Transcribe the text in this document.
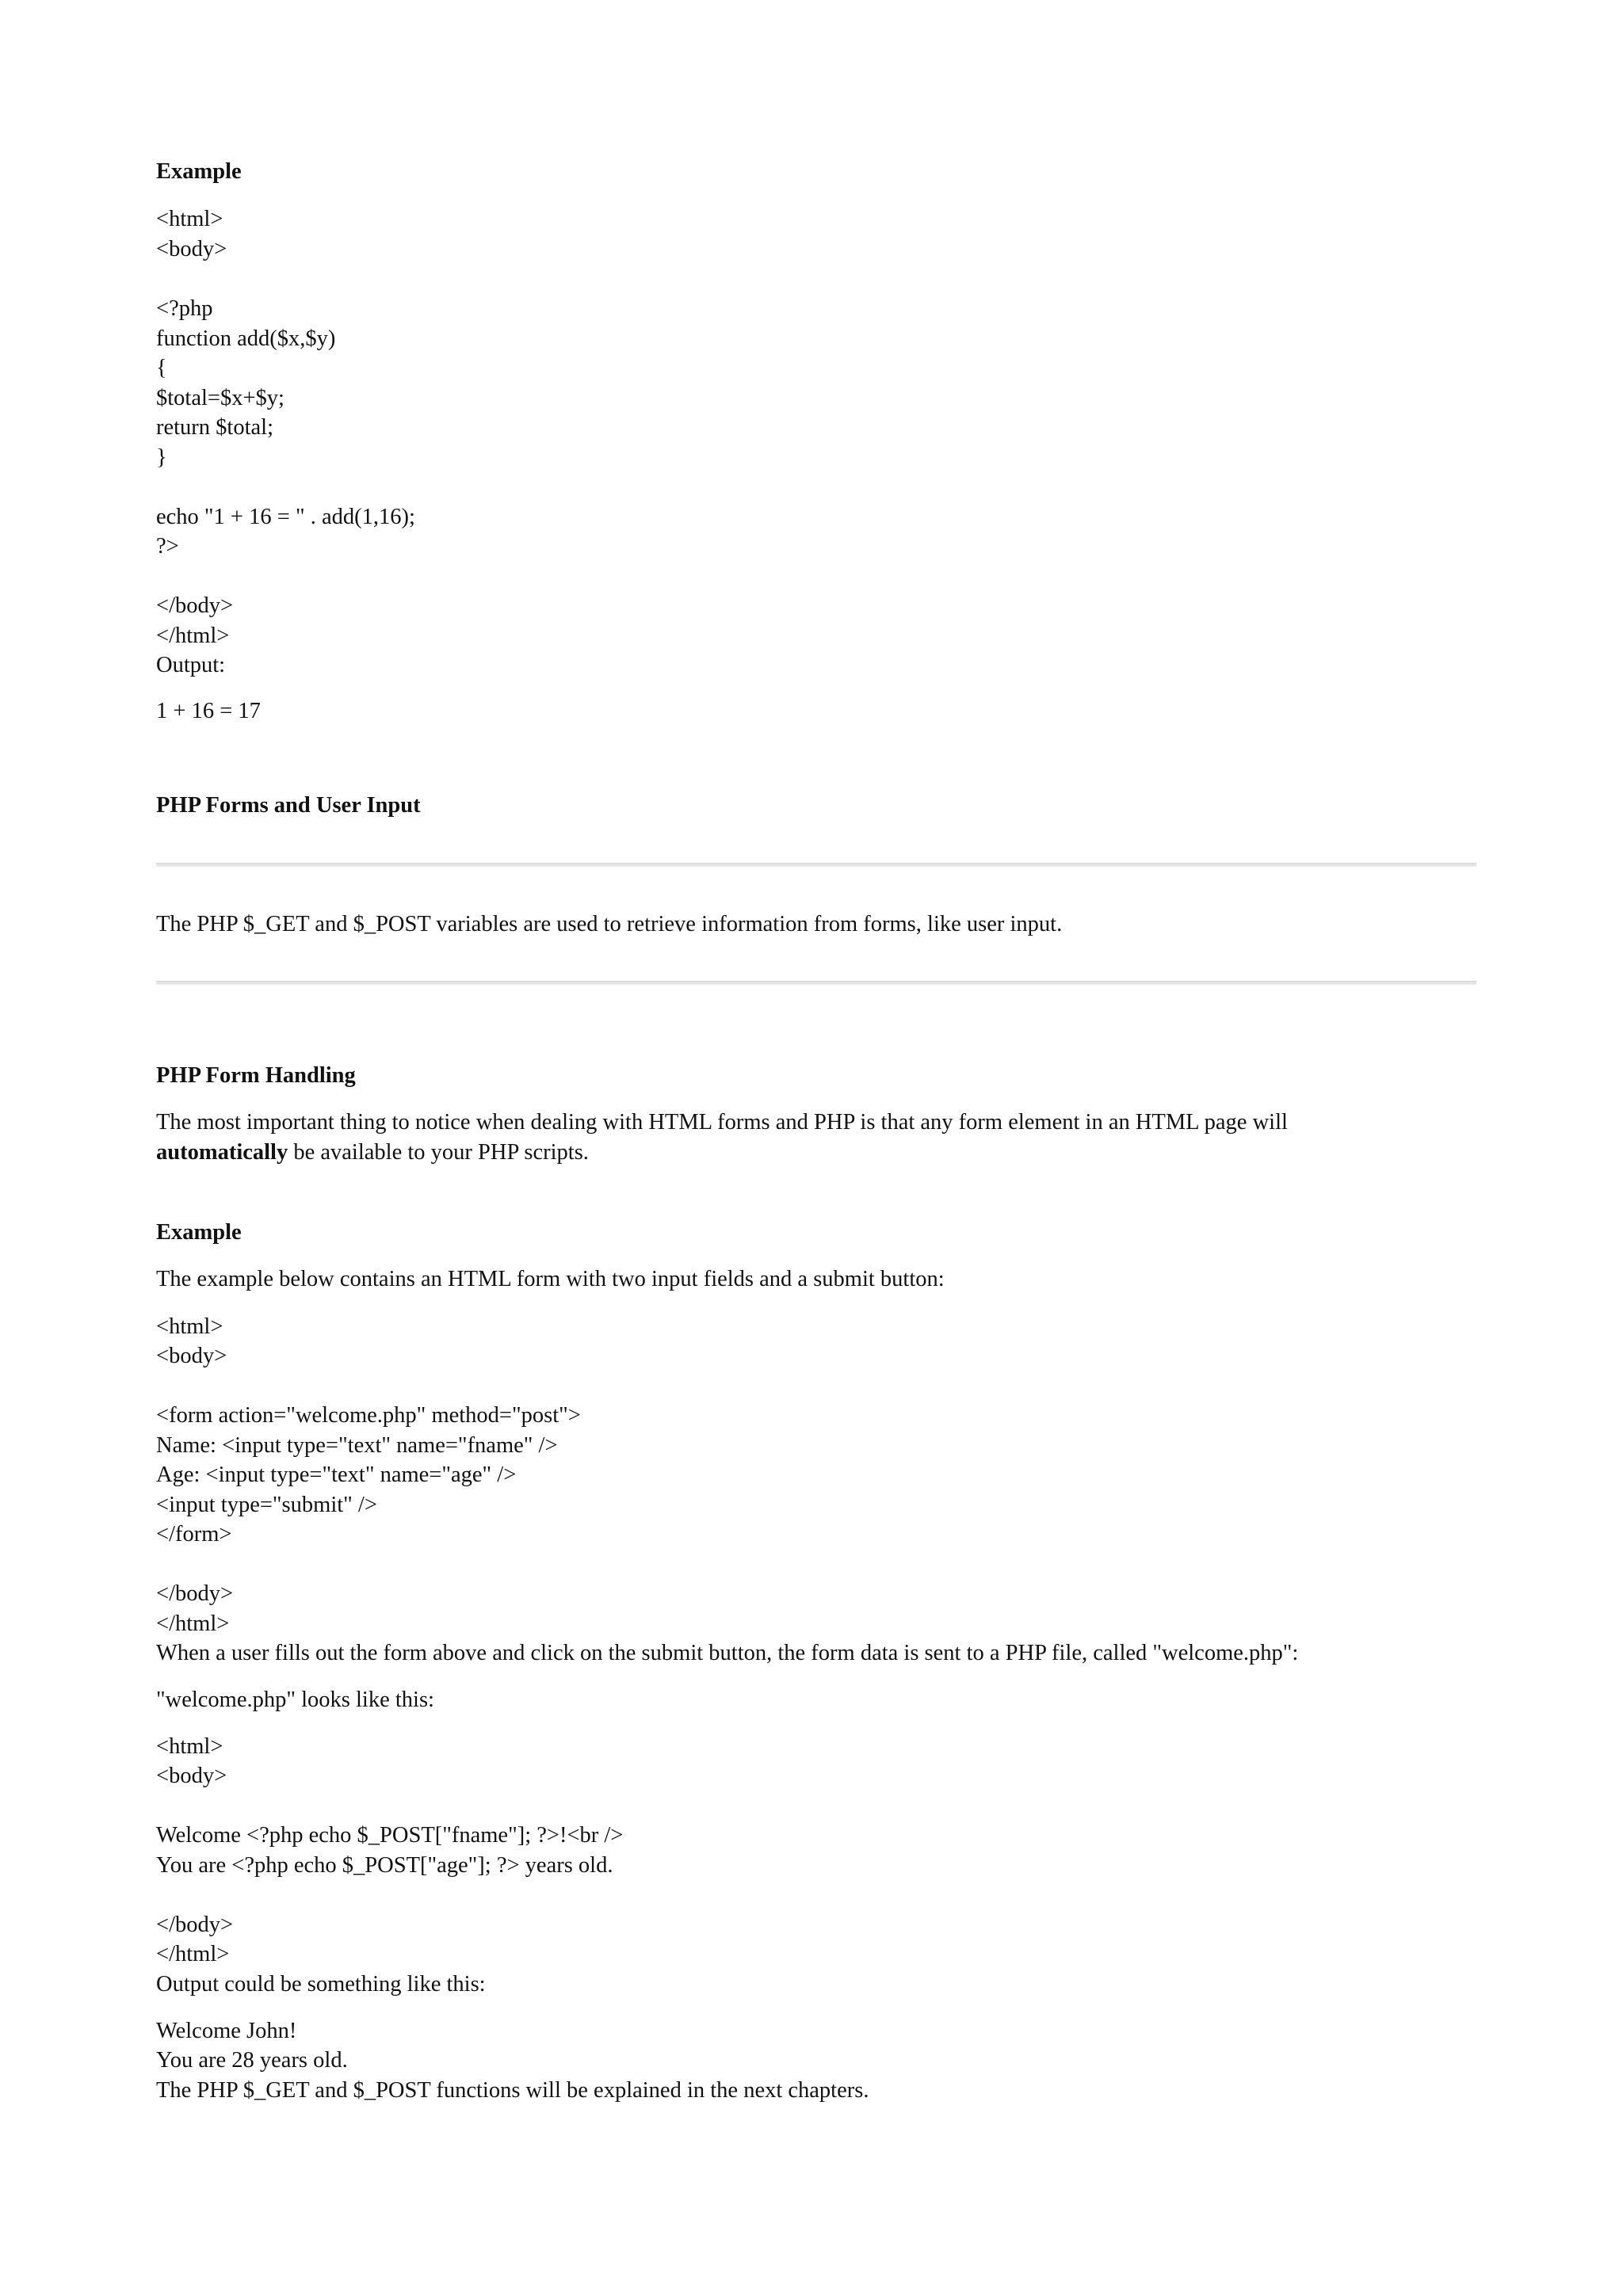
Example
<html>
<body>
<?php
function add($x,$y)
{
$total=$x+$y;
return $total;
}
echo "1 + 16 = " . add(1,16);
?>
</body>
</html>
Output:
1 + 16 = 17
PHP Forms and User Input
The PHP $_GET and $_POST variables are used to retrieve information from forms, like user input.
PHP Form Handling
The most important thing to notice when dealing with HTML forms and PHP is that any form element in an HTML page will
automatically be available to your PHP scripts.
Example
The example below contains an HTML form with two input fields and a submit button:
<html>
<body>
<form action="welcome.php" method="post">
Name: <input type="text" name="fname" />
Age: <input type="text" name="age" />
<input type="submit" />
</form>
</body>
</html>
When a user fills out the form above and click on the submit button, the form data is sent to a PHP file, called "welcome.php":
"welcome.php" looks like this:
<html>
<body>
Welcome <?php echo $_POST["fname"]; ?>!<br />
You are <?php echo $_POST["age"]; ?> years old.
</body>
</html>
Output could be something like this:
Welcome John!
You are 28 years old.
The PHP $_GET and $_POST functions will be explained in the next chapters.
